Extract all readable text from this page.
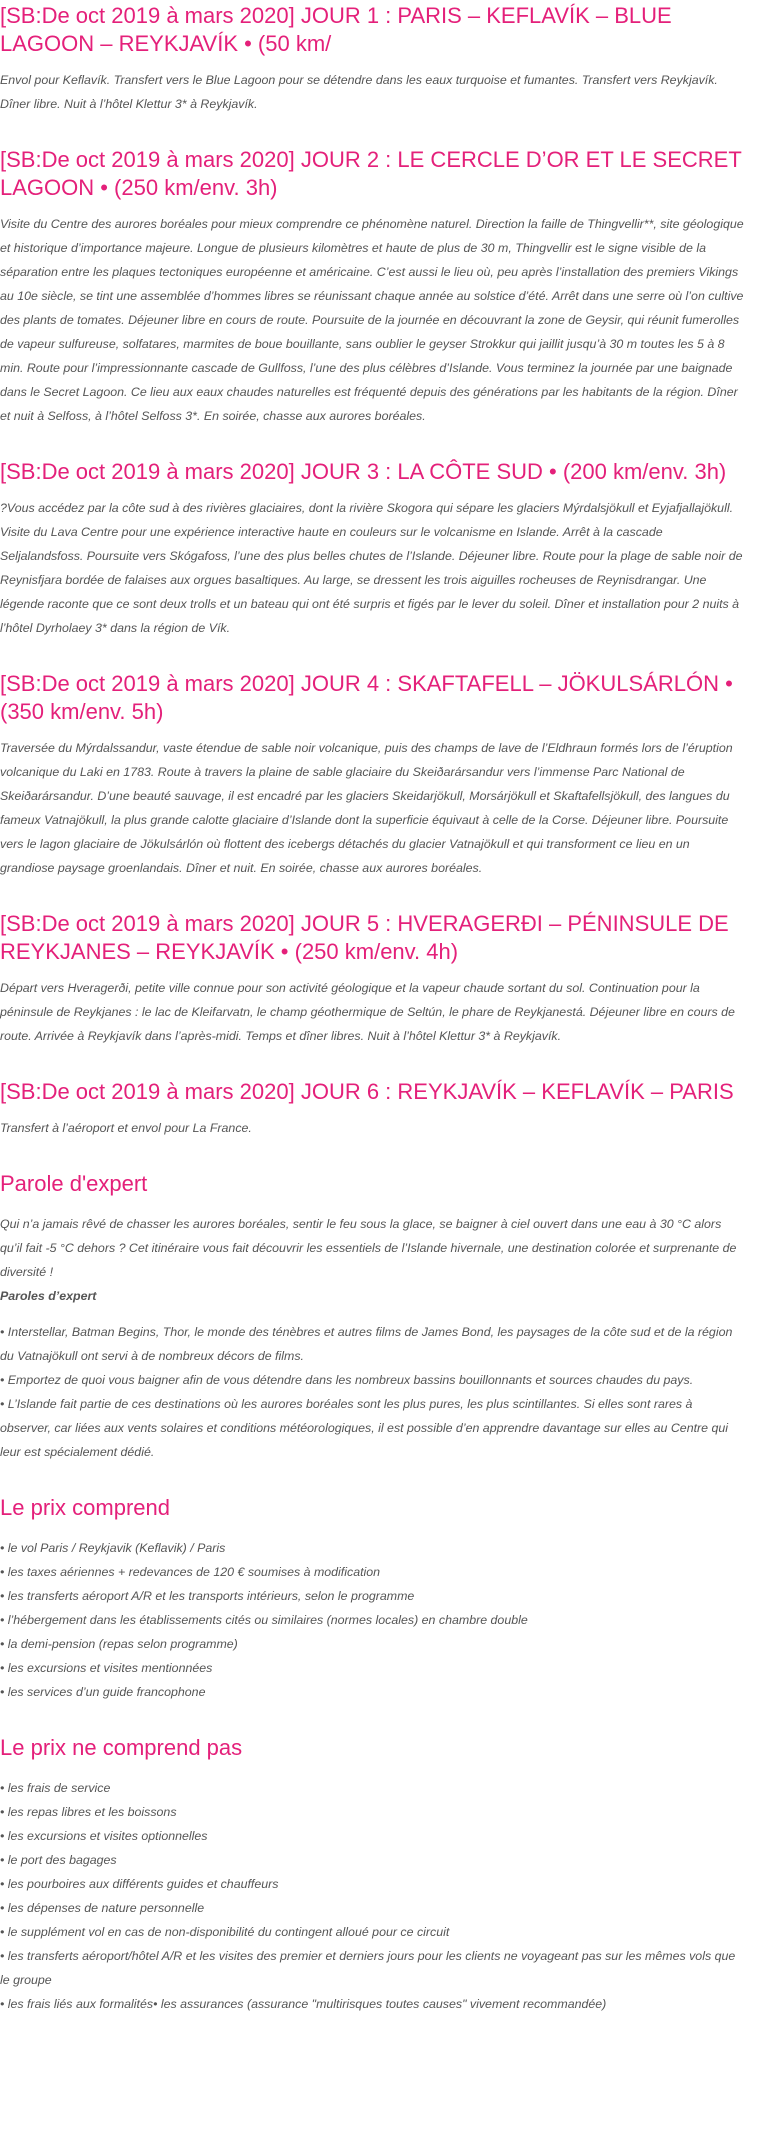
[SB:De oct 2019 à mars 2020] JOUR 1 : PARIS – KEFLAVÍK – BLUE LAGOON – REYKJAVÍK • (50 km/

Envol pour Keflavík. Transfert vers le Blue Lagoon pour se détendre dans les eaux turquoise et fumantes. Transfert vers Reykjavík. Dîner libre. Nuit à l’hôtel Klettur 3* à Reykjavík.

[SB:De oct 2019 à mars 2020] JOUR 2 : LE CERCLE D’OR ET LE SECRET LAGOON • (250 km/env. 3h)

Visite du Centre des aurores boréales pour mieux comprendre ce phénomène naturel. Direction la faille de Thingvellir**, site géologique et historique d’importance majeure. Longue de plusieurs kilomètres et haute de plus de 30 m, Thingvellir est le signe visible de la séparation entre les plaques tectoniques européenne et américaine. C’est aussi le lieu où, peu après l’installation des premiers Vikings au 10e siècle, se tint une assemblée d’hommes libres se réunissant chaque année au solstice d’été. Arrêt dans une serre où l’on cultive des plants de tomates. Déjeuner libre en cours de route. Poursuite de la journée en découvrant la zone de Geysir, qui réunit fumerolles de vapeur sulfureuse, solfatares, marmites de boue bouillante, sans oublier le geyser Strokkur qui jaillit jusqu’à 30 m toutes les 5 à 8 min. Route pour l’impressionnante cascade de Gullfoss, l’une des plus célèbres d’Islande. Vous terminez la journée par une baignade dans le Secret Lagoon. Ce lieu aux eaux chaudes naturelles est fréquenté depuis des générations par les habitants de la région. Dîner et nuit à Selfoss, à l’hôtel Selfoss 3*. En soirée, chasse aux aurores boréales.

[SB:De oct 2019 à mars 2020] JOUR 3 : LA CÔTE SUD • (200 km/env. 3h)

?Vous accédez par la côte sud à des rivières glaciaires, dont la rivière Skogora qui sépare les glaciers Mýrdalsjökull et Eyjafjallajökull. Visite du Lava Centre pour une expérience interactive haute en couleurs sur le volcanisme en Islande. Arrêt à la cascade Seljalandsfoss. Poursuite vers Skógafoss, l’une des plus belles chutes de l’Islande. Déjeuner libre. Route pour la plage de sable noir de Reynisfjara bordée de falaises aux orgues basaltiques. Au large, se dressent les trois aiguilles rocheuses de Reynisdrangar. Une légende raconte que ce sont deux trolls et un bateau qui ont été surpris et figés par le lever du soleil. Dîner et installation pour 2 nuits à l’hôtel Dyrholaey 3* dans la région de Vík.

[SB:De oct 2019 à mars 2020] JOUR 4 : SKAFTAFELL – JÖKULSÁRLÓN • (350 km/env. 5h)

Traversée du Mýrdalssandur, vaste étendue de sable noir volcanique, puis des champs de lave de l’Eldhraun formés lors de l’éruption volcanique du Laki en 1783. Route à travers la plaine de sable glaciaire du Skeiðarársandur vers l’immense Parc National de Skeiðarársandur. D’une beauté sauvage, il est encadré par les glaciers Skeidarjökull, Morsárjökull et Skaftafellsjökull, des langues du fameux Vatnajökull, la plus grande calotte glaciaire d’Islande dont la superficie équivaut à celle de la Corse. Déjeuner libre. Poursuite vers le lagon glaciaire de Jökulsárlón où flottent des icebergs détachés du glacier Vatnajökull et qui transforment ce lieu en un grandiose paysage groenlandais. Dîner et nuit. En soirée, chasse aux aurores boréales.

[SB:De oct 2019 à mars 2020] JOUR 5 : HVERAGERÐI – PÉNINSULE DE REYKJANES – REYKJAVÍK • (250 km/env. 4h)

Départ vers Hveragerði, petite ville connue pour son activité géologique et la vapeur chaude sortant du sol. Continuation pour la péninsule de Reykjanes : le lac de Kleifarvatn, le champ géothermique de Seltún, le phare de Reykjanestá. Déjeuner libre en cours de route. Arrivée à Reykjavík dans l’après-midi. Temps et dîner libres. Nuit à l’hôtel Klettur 3* à Reykjavík.

[SB:De oct 2019 à mars 2020] JOUR 6 : REYKJAVÍK – KEFLAVÍK – PARIS

Transfert à l’aéroport et envol pour La France.

Parole d'expert

Qui n’a jamais rêvé de chasser les aurores boréales, sentir le feu sous la glace, se baigner à ciel ouvert dans une eau à 30 °C alors qu’il fait -5 °C dehors ? Cet itinéraire vous fait découvrir les essentiels de l’Islande hivernale, une destination colorée et surprenante de diversité !

Paroles d’expert
• Interstellar, Batman Begins, Thor, le monde des ténèbres et autres films de James Bond, les paysages de la côte sud et de la région du Vatnajökull ont servi à de nombreux décors de films.
• Emportez de quoi vous baigner afin de vous détendre dans les nombreux bassins bouillonnants et sources chaudes du pays.
• L’Islande fait partie de ces destinations où les aurores boréales sont les plus pures, les plus scintillantes. Si elles sont rares à observer, car liées aux vents solaires et conditions météorologiques, il est possible d’en apprendre davantage sur elles au Centre qui leur est spécialement dédié.
Le prix comprend
• le vol Paris / Reykjavik (Keflavik) / Paris
• les taxes aériennes + redevances de 120 € soumises à modification
• les transferts aéroport A/R et les transports intérieurs, selon le programme
• l’hébergement dans les établissements cités ou similaires (normes locales) en chambre double
• la demi-pension (repas selon programme)
• les excursions et visites mentionnées
• les services d’un guide francophone
Le prix ne comprend pas
• les frais de service
• les repas libres et les boissons
• les excursions et visites optionnelles
• le port des bagages
• les pourboires aux différents guides et chauffeurs
• les dépenses de nature personnelle
• le supplément vol en cas de non-disponibilité du contingent alloué pour ce circuit
• les transferts aéroport/hôtel A/R et les visites des premier et derniers jours pour les clients ne voyageant pas sur les mêmes vols que le groupe
• les frais liés aux formalités• les assurances (assurance "multirisques toutes causes" vivement recommandée)
